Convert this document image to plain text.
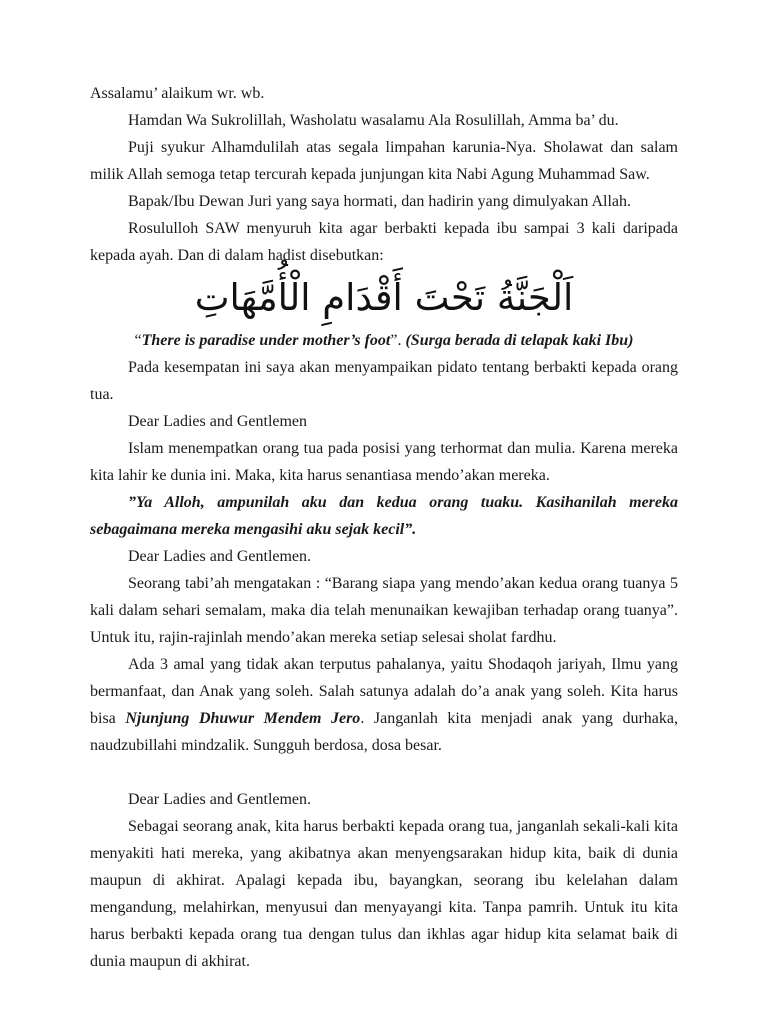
Assalamu’ alaikum wr. wb.

Hamdan Wa Sukrolillah, Washolatu wasalamu Ala Rosulillah, Amma ba’ du.

Puji syukur Alhamdulilah atas segala limpahan karunia-Nya. Sholawat dan salam milik Allah semoga tetap tercurah kepada junjungan kita Nabi Agung Muhammad Saw.

Bapak/Ibu Dewan Juri yang saya hormati, dan hadirin yang dimulyakan Allah.

Rosululloh SAW menyuruh kita agar berbakti kepada ibu sampai 3 kali daripada kepada ayah. Dan di dalam hadist disebutkan:

اَلْجَنَّةُ تَحْتَ أَقْدَامِ الْأُمَّهَاتِ

“There is paradise under mother’s foot”. (Surga berada di telapak kaki Ibu)

Pada kesempatan ini saya akan menyampaikan pidato tentang berbakti kepada orang tua.

Dear Ladies and Gentlemen

Islam menempatkan orang tua pada posisi yang terhormat dan mulia. Karena mereka kita lahir ke dunia ini. Maka, kita harus senantiasa mendo’akan mereka.

”Ya Alloh, ampunilah aku dan kedua orang tuaku. Kasihanilah mereka sebagaimana mereka mengasihi aku sejak kecil”.

Dear Ladies and Gentlemen.

Seorang tabi’ah mengatakan : “Barang siapa yang mendo’akan kedua orang tuanya 5 kali dalam sehari semalam, maka dia telah menunaikan kewajiban terhadap orang tuanya”. Untuk itu, rajin-rajinlah mendo’akan mereka setiap selesai sholat fardhu.

Ada 3 amal yang tidak akan terputus pahalanya, yaitu Shodaqoh jariyah, Ilmu yang bermanfaat, dan Anak yang soleh. Salah satunya adalah do’a anak yang soleh. Kita harus bisa Njunjung Dhuwur Mendem Jero. Janganlah kita menjadi anak yang durhaka, naudzubillahi mindzalik. Sungguh berdosa, dosa besar.

Dear Ladies and Gentlemen.

Sebagai seorang anak, kita harus berbakti kepada orang tua, janganlah sekali-kali kita menyakiti hati mereka, yang akibatnya akan menyengsarakan hidup kita, baik di dunia maupun di akhirat. Apalagi kepada ibu, bayangkan, seorang ibu kelelahan dalam mengandung, melahirkan, menyusui dan menyayangi kita. Tanpa pamrih. Untuk itu kita harus berbakti kepada orang tua dengan tulus dan ikhlas agar hidup kita selamat baik di dunia maupun di akhirat.
